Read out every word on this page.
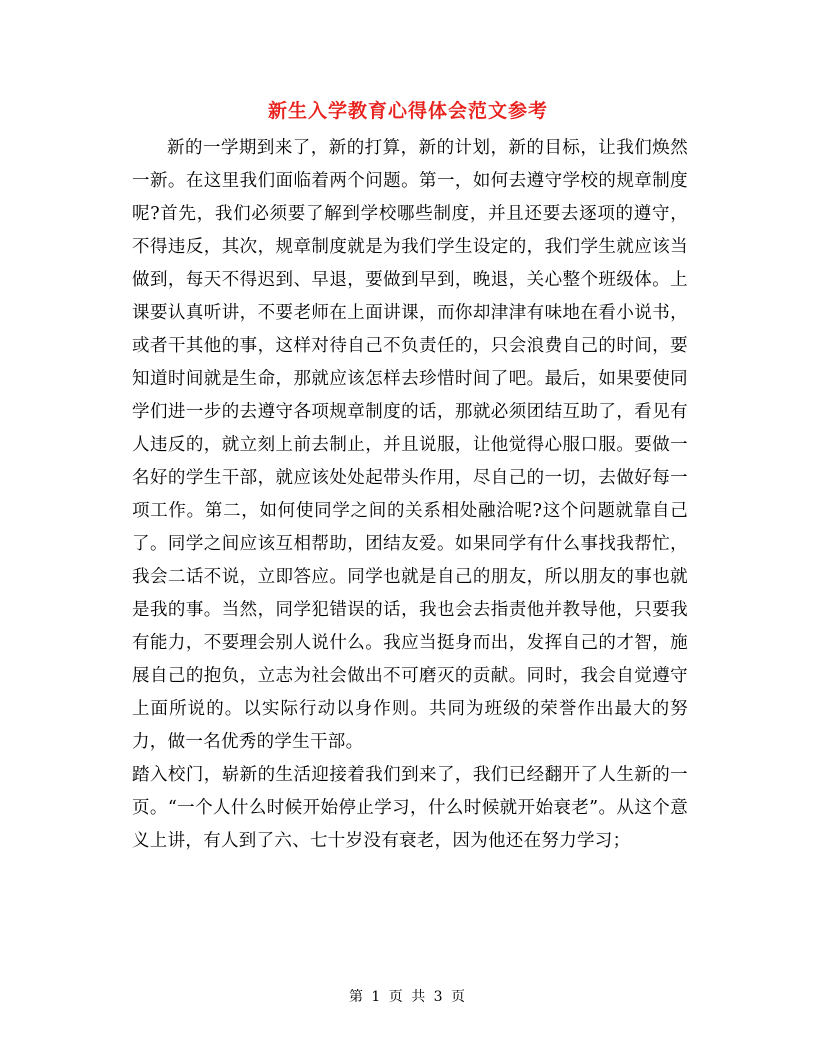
新生入学教育心得体会范文参考

新的一学期到来了，新的打算，新的计划，新的目标，让我们焕然一新。在这里我们面临着两个问题。第一，如何去遵守学校的规章制度呢?首先，我们必须要了解到学校哪些制度，并且还要去逐项的遵守，不得违反，其次，规章制度就是为我们学生设定的，我们学生就应该当做到，每天不得迟到、早退，要做到早到，晚退，关心整个班级体。上课要认真听讲，不要老师在上面讲课，而你却津津有味地在看小说书，或者干其他的事，这样对待自己不负责任的，只会浪费自己的时间，要知道时间就是生命，那就应该怎样去珍惜时间了吧。最后，如果要使同学们进一步的去遵守各项规章制度的话，那就必须团结互助了，看见有人违反的，就立刻上前去制止，并且说服，让他觉得心服口服。要做一名好的学生干部，就应该处处起带头作用，尽自己的一切，去做好每一项工作。第二，如何使同学之间的关系相处融洽呢?这个问题就靠自己了。同学之间应该互相帮助，团结友爱。如果同学有什么事找我帮忙，我会二话不说，立即答应。同学也就是自己的朋友，所以朋友的事也就是我的事。当然，同学犯错误的话，我也会去指责他并教导他，只要我有能力，不要理会别人说什么。我应当挺身而出，发挥自己的才智，施展自己的抱负，立志为社会做出不可磨灭的贡献。同时，我会自觉遵守上面所说的。以实际行动以身作则。共同为班级的荣誉作出最大的努力，做一名优秀的学生干部。

踏入校门，崭新的生活迎接着我们到来了，我们已经翻开了人生新的一页。“一个人什么时候开始停止学习，什么时候就开始衰老”。从这个意义上讲，有人到了六、七十岁没有衰老，因为他还在努力学习；

第 1 页 共 3 页
